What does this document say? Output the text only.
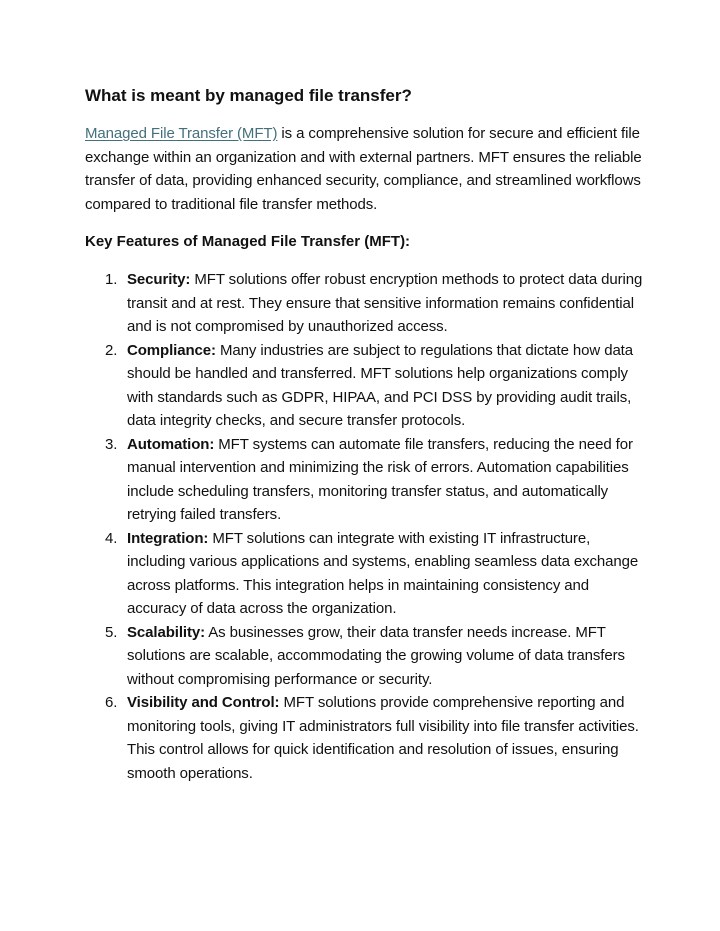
What is meant by managed file transfer?

Managed File Transfer (MFT) is a comprehensive solution for secure and efficient file exchange within an organization and with external partners. MFT ensures the reliable transfer of data, providing enhanced security, compliance, and streamlined workflows compared to traditional file transfer methods.

Key Features of Managed File Transfer (MFT):

1. Security: MFT solutions offer robust encryption methods to protect data during transit and at rest. They ensure that sensitive information remains confidential and is not compromised by unauthorized access.
2. Compliance: Many industries are subject to regulations that dictate how data should be handled and transferred. MFT solutions help organizations comply with standards such as GDPR, HIPAA, and PCI DSS by providing audit trails, data integrity checks, and secure transfer protocols.
3. Automation: MFT systems can automate file transfers, reducing the need for manual intervention and minimizing the risk of errors. Automation capabilities include scheduling transfers, monitoring transfer status, and automatically retrying failed transfers.
4. Integration: MFT solutions can integrate with existing IT infrastructure, including various applications and systems, enabling seamless data exchange across platforms. This integration helps in maintaining consistency and accuracy of data across the organization.
5. Scalability: As businesses grow, their data transfer needs increase. MFT solutions are scalable, accommodating the growing volume of data transfers without compromising performance or security.
6. Visibility and Control: MFT solutions provide comprehensive reporting and monitoring tools, giving IT administrators full visibility into file transfer activities. This control allows for quick identification and resolution of issues, ensuring smooth operations.
